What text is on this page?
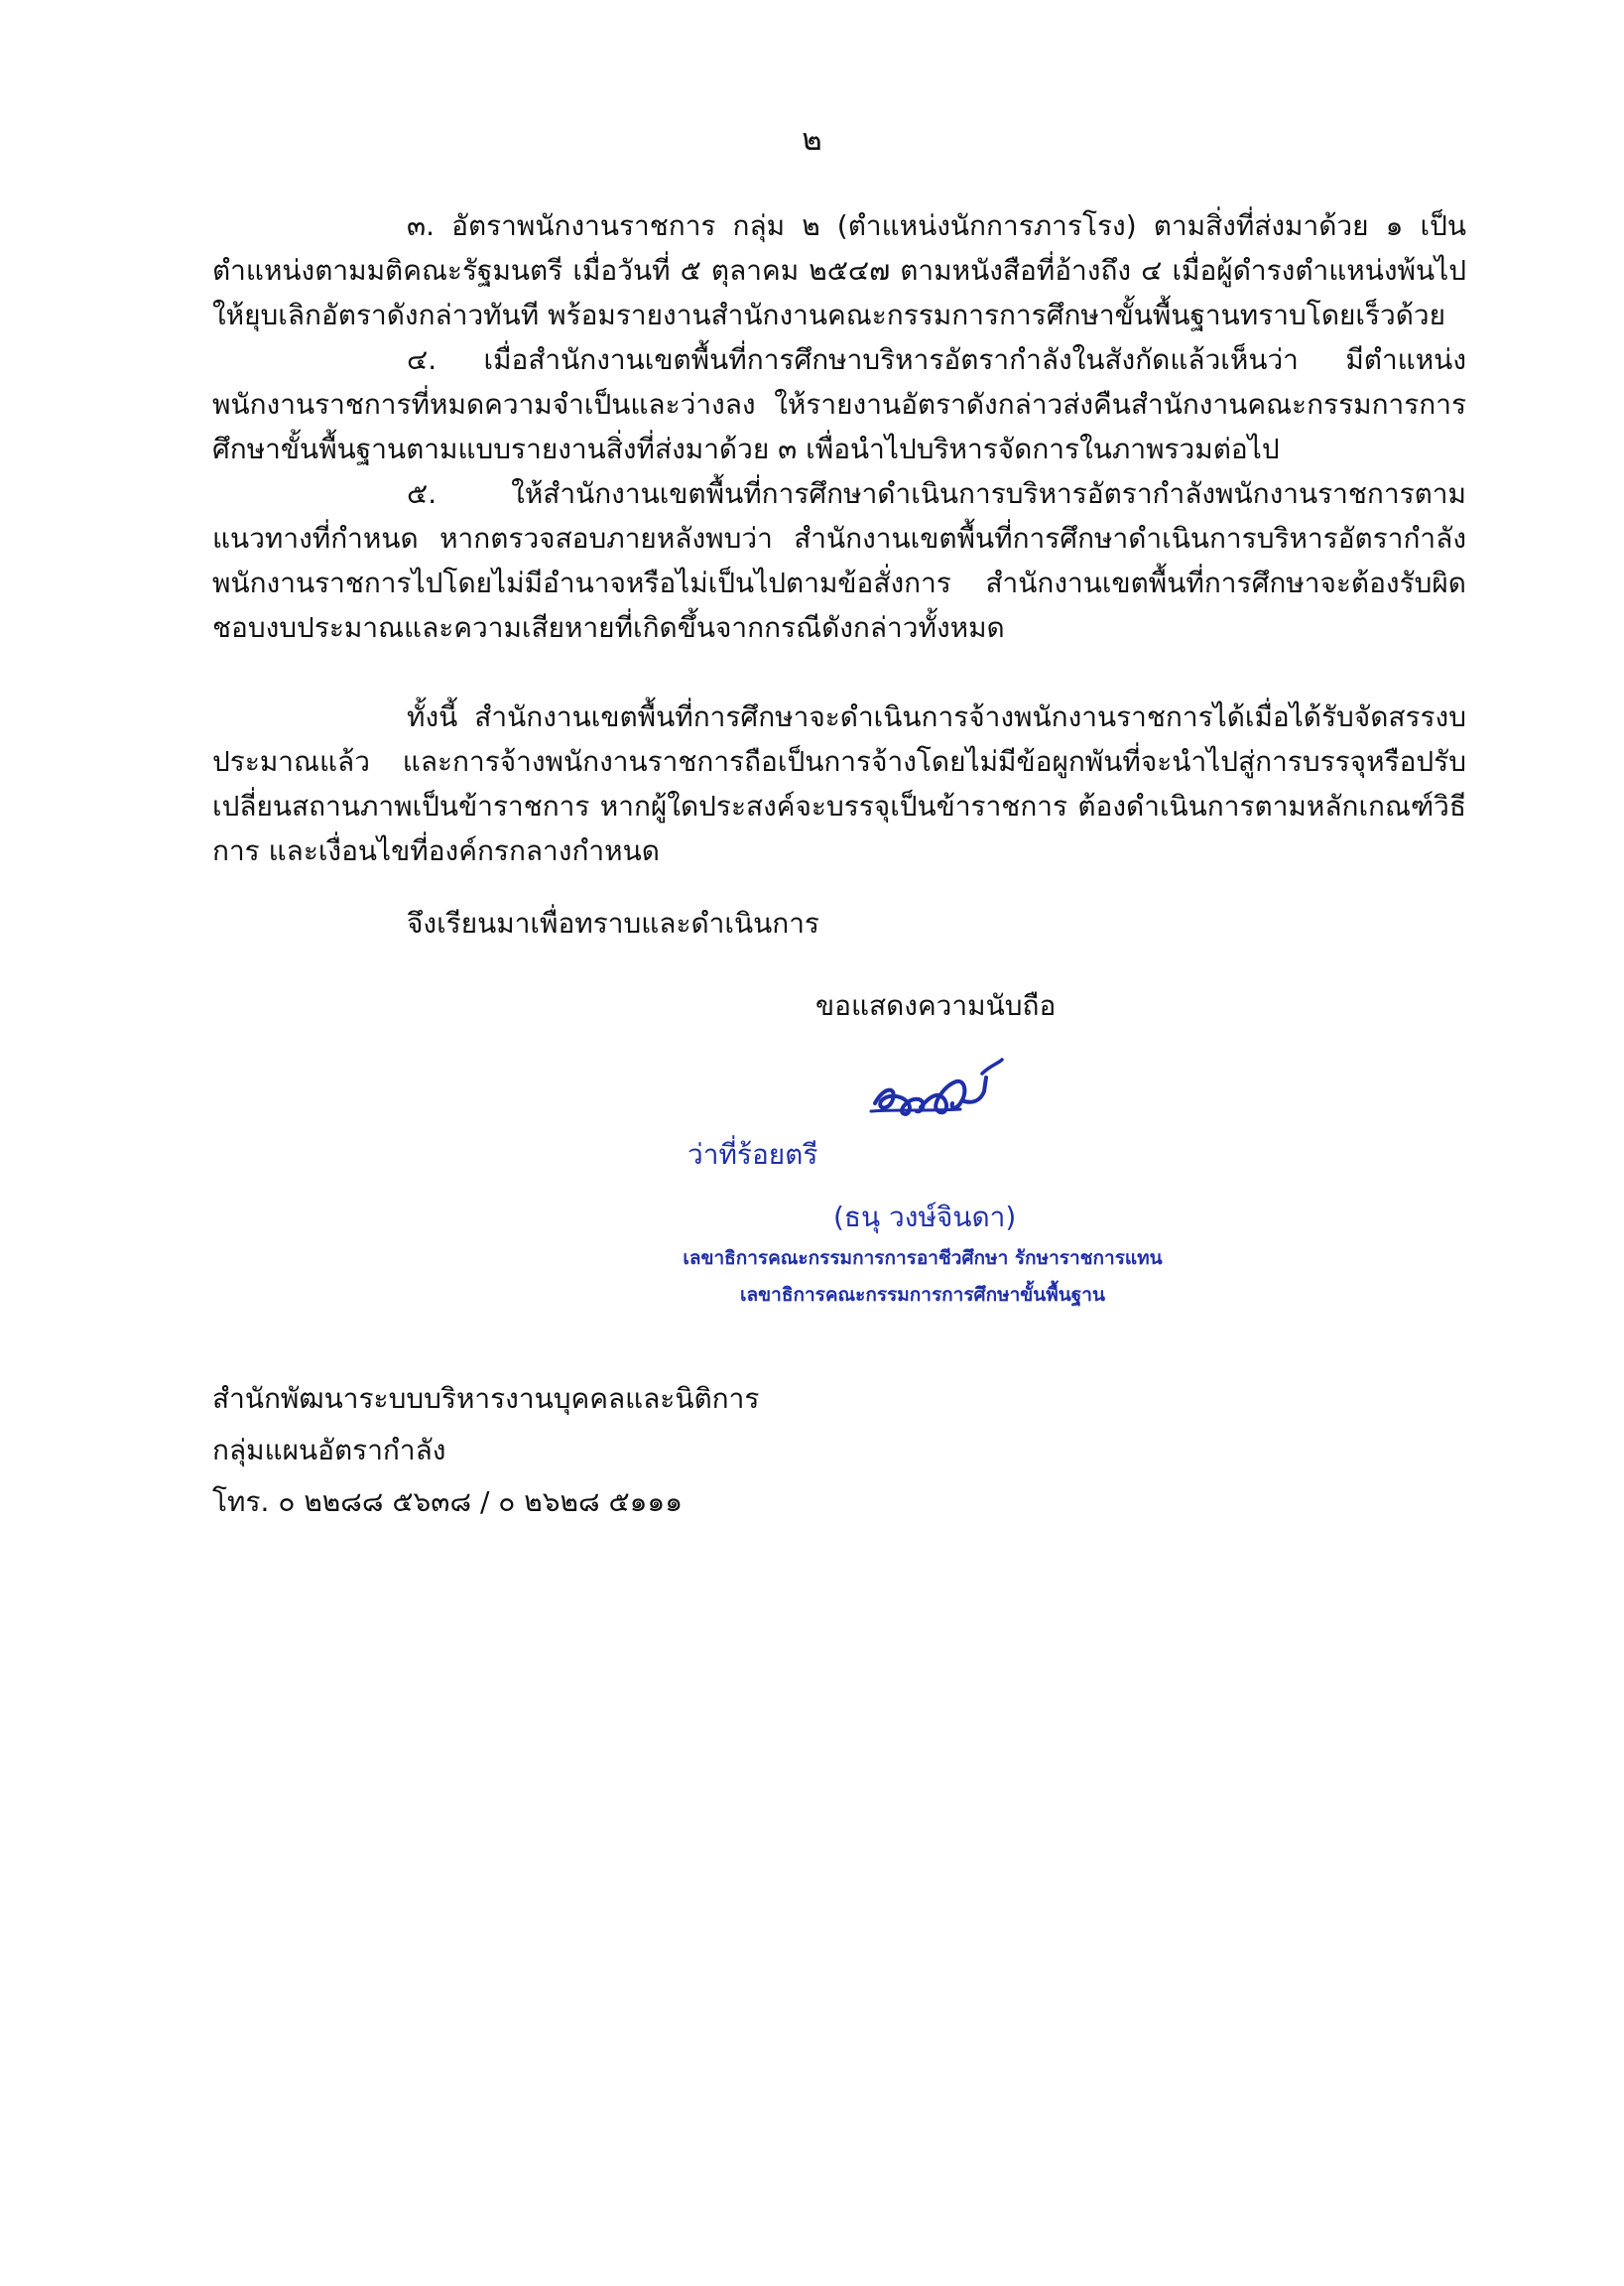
๒

๓. อัตราพนักงานราชการ กลุ่ม ๒ (ตำแหน่งนักการภารโรง) ตามสิ่งที่ส่งมาด้วย ๑ เป็นตำแหน่งตามมติคณะรัฐมนตรี เมื่อวันที่ ๕ ตุลาคม ๒๕๔๗ ตามหนังสือที่อ้างถึง ๔ เมื่อผู้ดำรงตำแหน่งพ้นไปให้ยุบเลิกอัตราดังกล่าวทันที พร้อมรายงานสำนักงานคณะกรรมการการศึกษาขั้นพื้นฐานทราบโดยเร็วด้วย

๔. เมื่อสำนักงานเขตพื้นที่การศึกษาบริหารอัตรากำลังในสังกัดแล้วเห็นว่า มีตำแหน่งพนักงานราชการที่หมดความจำเป็นและว่างลง ให้รายงานอัตราดังกล่าวส่งคืนสำนักงานคณะกรรมการการศึกษาขั้นพื้นฐานตามแบบรายงานสิ่งที่ส่งมาด้วย ๓ เพื่อนำไปบริหารจัดการในภาพรวมต่อไป

๕. ให้สำนักงานเขตพื้นที่การศึกษาดำเนินการบริหารอัตรากำลังพนักงานราชการตามแนวทางที่กำหนด หากตรวจสอบภายหลังพบว่า สำนักงานเขตพื้นที่การศึกษาดำเนินการบริหารอัตรากำลังพนักงานราชการไปโดยไม่มีอำนาจหรือไม่เป็นไปตามข้อสั่งการ สำนักงานเขตพื้นที่การศึกษาจะต้องรับผิดชอบงบประมาณและความเสียหายที่เกิดขึ้นจากกรณีดังกล่าวทั้งหมด

ทั้งนี้ สำนักงานเขตพื้นที่การศึกษาจะดำเนินการจ้างพนักงานราชการได้เมื่อได้รับจัดสรรงบประมาณแล้ว และการจ้างพนักงานราชการถือเป็นการจ้างโดยไม่มีข้อผูกพันที่จะนำไปสู่การบรรจุหรือปรับเปลี่ยนสถานภาพเป็นข้าราชการ หากผู้ใดประสงค์จะบรรจุเป็นข้าราชการ ต้องดำเนินการตามหลักเกณฑ์วิธีการ และเงื่อนไขที่องค์กรกลางกำหนด

จึงเรียนมาเพื่อทราบและดำเนินการ

ขอแสดงความนับถือ
ว่าที่ร้อยตรี
(ธนุ วงษ์จินดา)
เลขาธิการคณะกรรมการการอาชีวศึกษา รักษาราชการแทน
เลขาธิการคณะกรรมการการศึกษาขั้นพื้นฐาน
สำนักพัฒนาระบบบริหารงานบุคคลและนิติการ
กลุ่มแผนอัตรากำลัง
โทร. ๐ ๒๒๘๘ ๕๖๓๘ / ๐ ๒๖๒๘ ๕๑๑๑
